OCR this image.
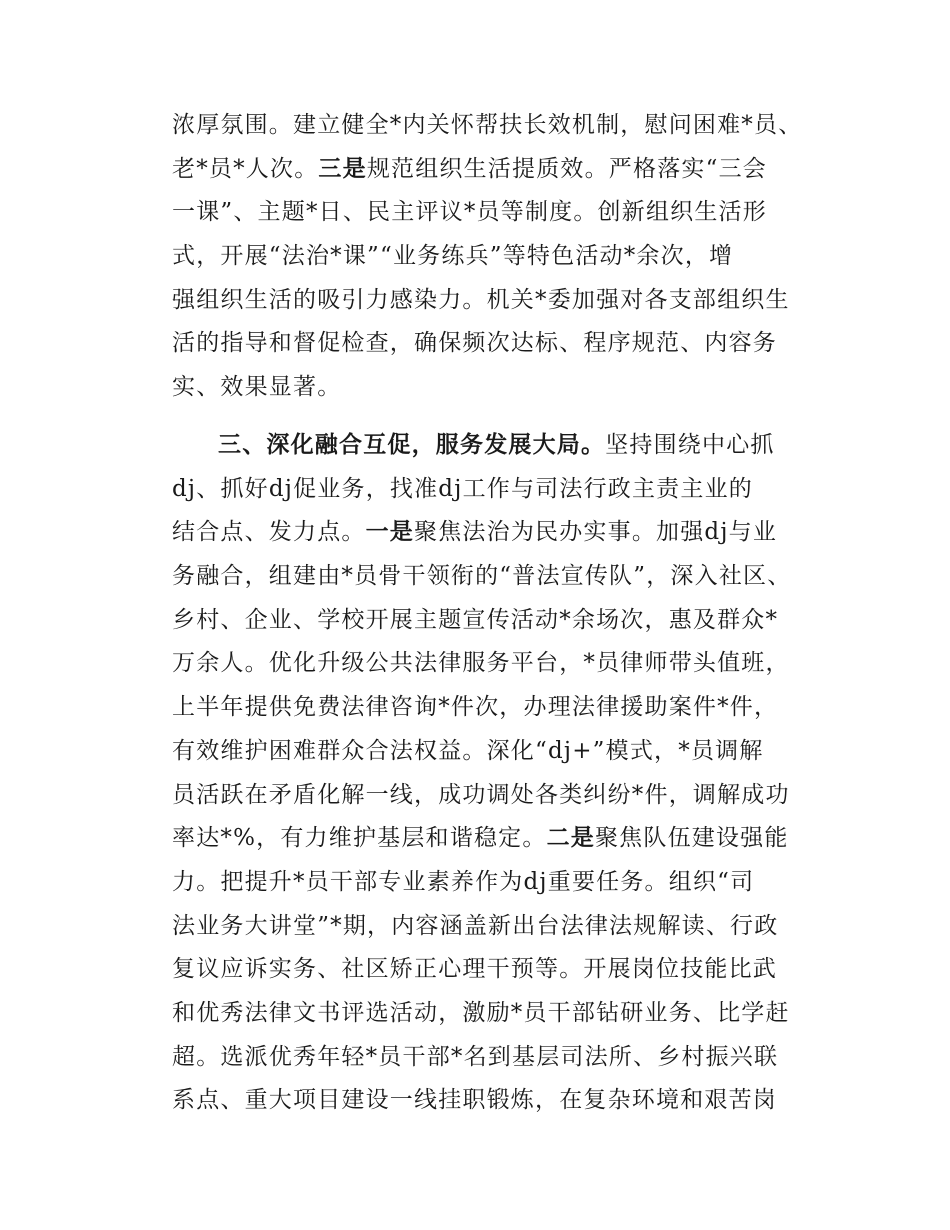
浓厚氛围。建立健全*内关怀帮扶长效机制，慰问困难*员、
老*员*人次。三是规范组织生活提质效。严格落实“三会
一课”、主题*日、民主评议*员等制度。创新组织生活形
式，开展“法治*课”“业务练兵”等特色活动*余次，增
强组织生活的吸引力感染力。机关*委加强对各支部组织生
活的指导和督促检查，确保频次达标、程序规范、内容务
实、效果显著。
三、深化融合互促，服务发展大局。坚持围绕中心抓
dj、抓好dj促业务，找准dj工作与司法行政主责主业的
结合点、发力点。一是聚焦法治为民办实事。加强dj与业
务融合，组建由*员骨干领衔的“普法宣传队”，深入社区、
乡村、企业、学校开展主题宣传活动*余场次，惠及群众*
万余人。优化升级公共法律服务平台，*员律师带头值班，
上半年提供免费法律咨询*件次，办理法律援助案件*件，
有效维护困难群众合法权益。深化“dj+”模式，*员调解
员活跃在矛盾化解一线，成功调处各类纠纷*件，调解成功
率达*%，有力维护基层和谐稳定。二是聚焦队伍建设强能
力。把提升*员干部专业素养作为dj重要任务。组织“司
法业务大讲堂”*期，内容涵盖新出台法律法规解读、行政
复议应诉实务、社区矫正心理干预等。开展岗位技能比武
和优秀法律文书评选活动，激励*员干部钻研业务、比学赶
超。选派优秀年轻*员干部*名到基层司法所、乡村振兴联
系点、重大项目建设一线挂职锻炼，在复杂环境和艰苦岗
